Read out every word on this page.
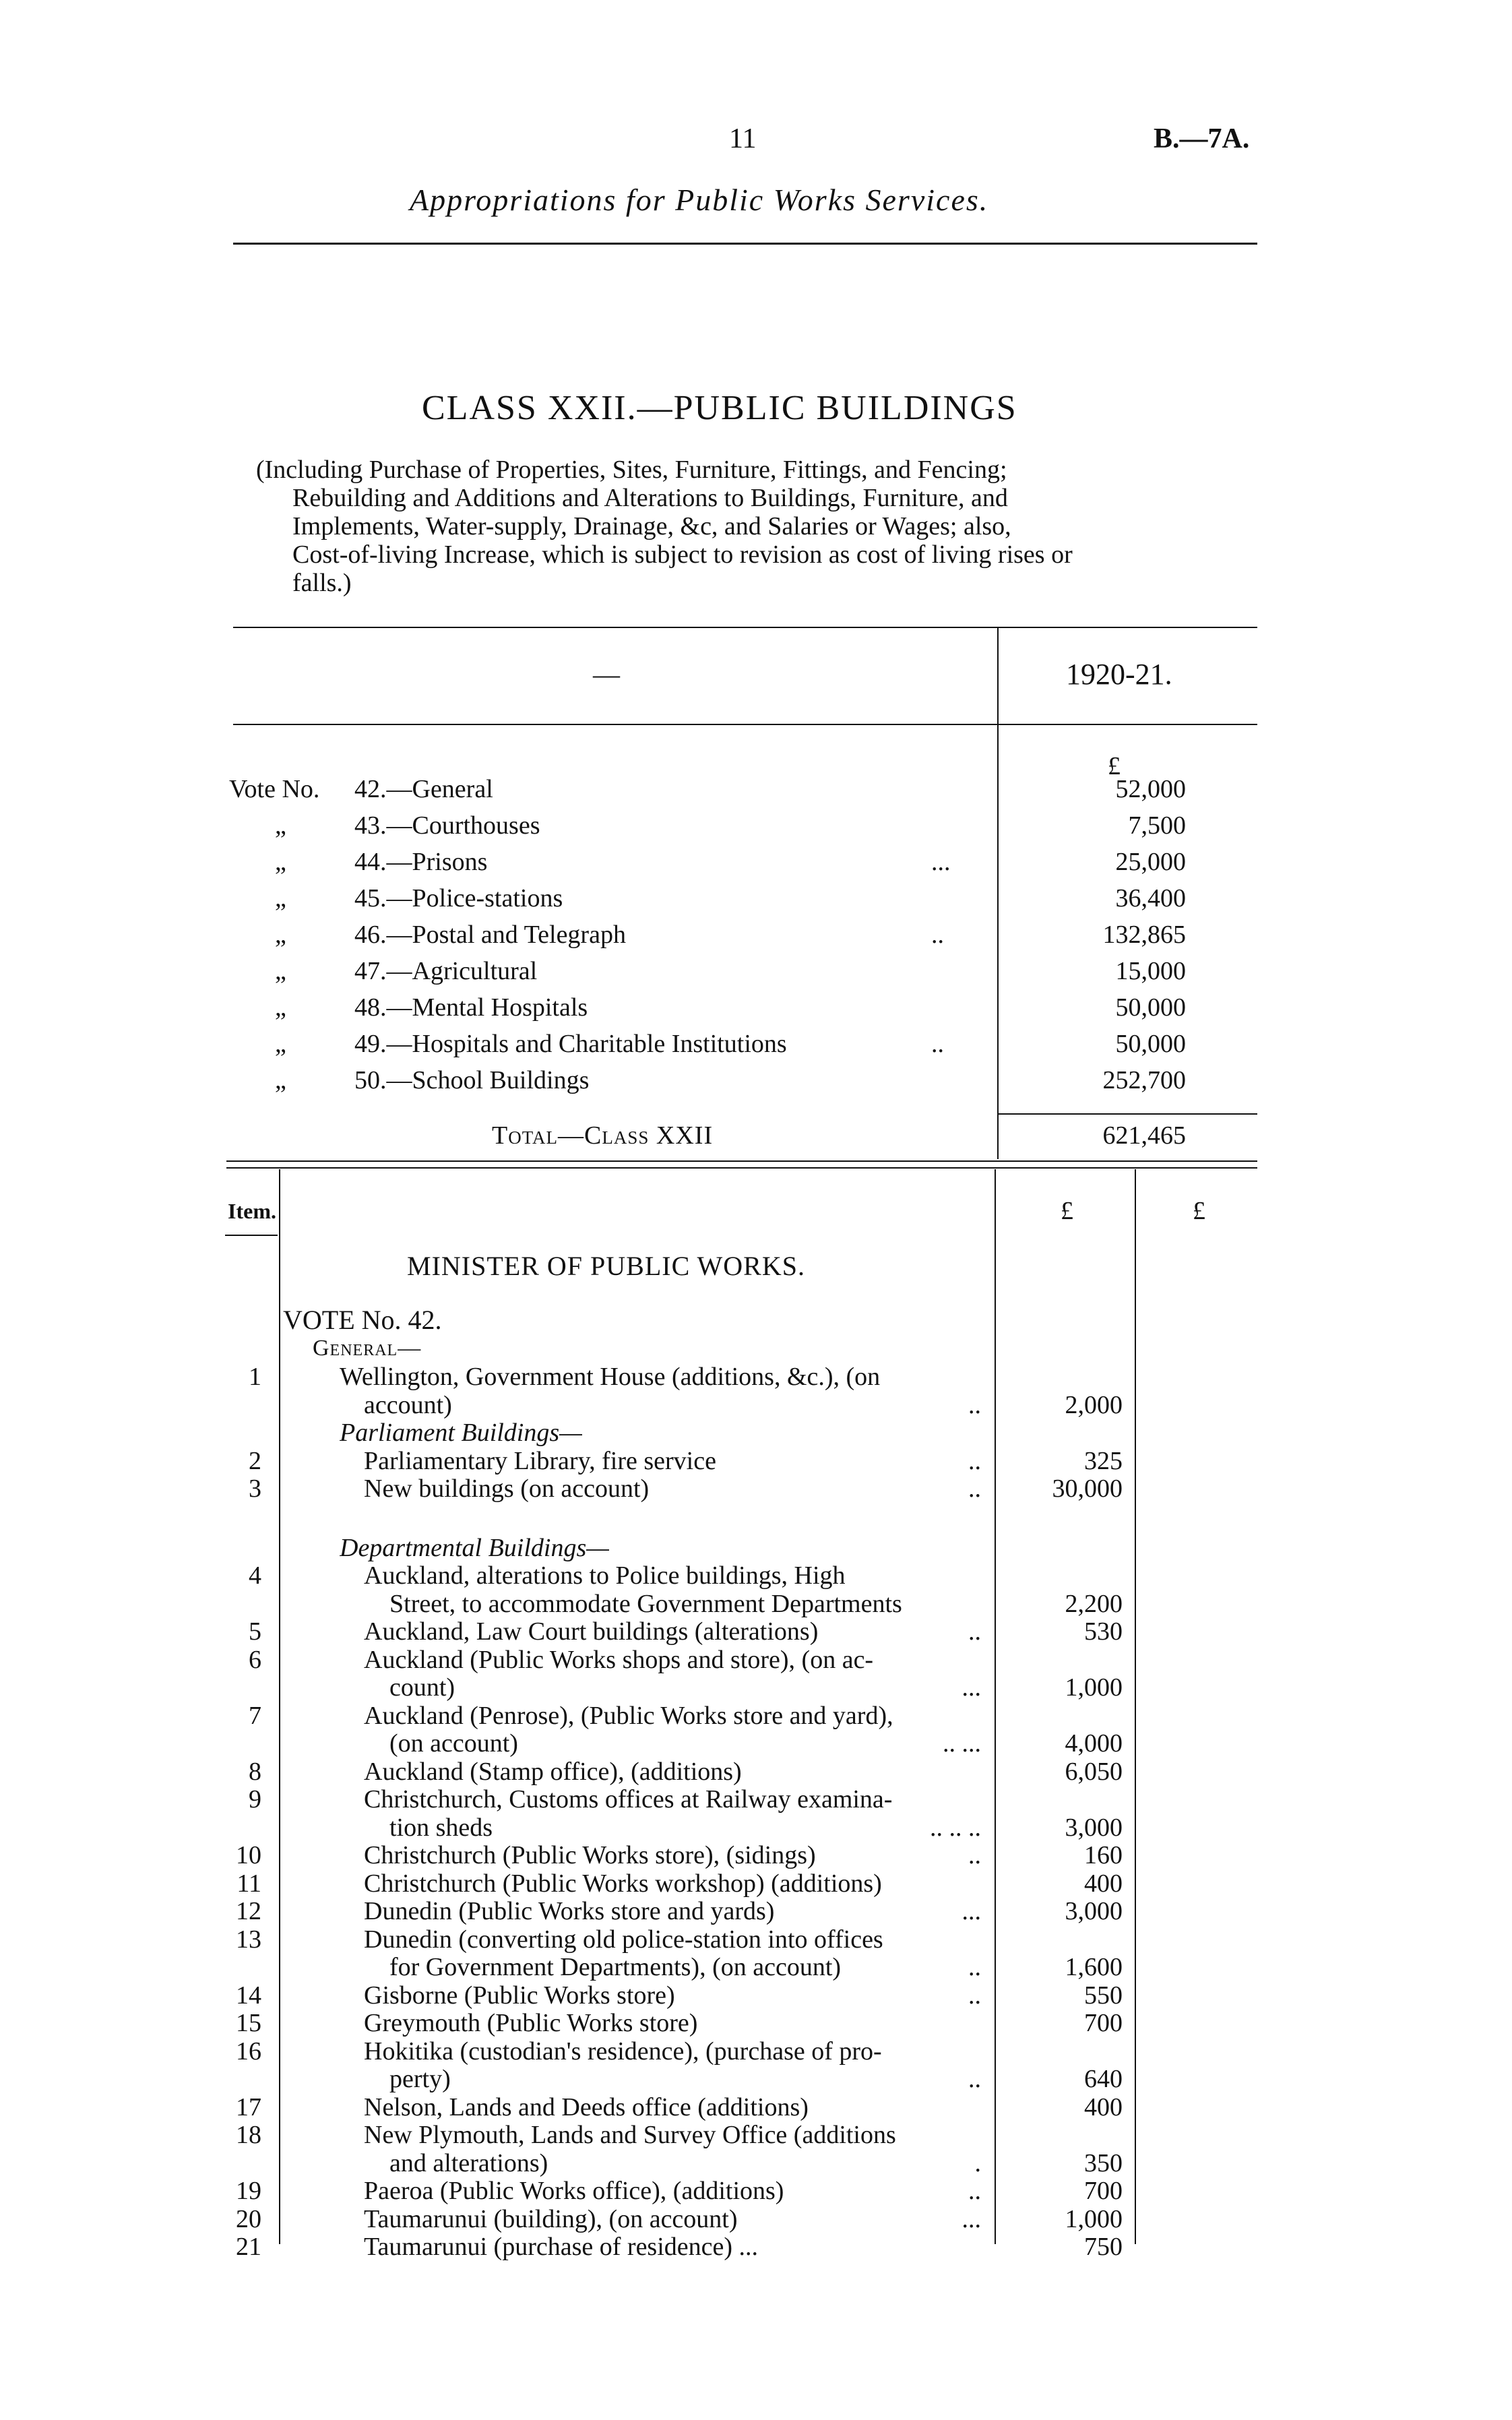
11	B.—7A.
Appropriations for Public Works Services.
CLASS XXII.—PUBLIC BUILDINGS
(Including Purchase of Properties, Sites, Furniture, Fittings, and Fencing;
Rebuilding and Additions and Alterations to Buildings, Furniture, and
Implements, Water-supply, Drainage, &c, and Salaries or Wages; also,
Cost-of-living Increase, which is subject to revision as cost of living rises or
falls.)
—	1920-21.
£
Vote No. 42.—General	52,000
„	43.—Courthouses	7,500
„	44.—Prisons	...	25,000
„	45.—Police-stations	36,400
„	46.—Postal and Telegraph	..	132,865
„	47.—Agricultural	15,000
„	48.—Mental Hospitals	50,000
„	49.—Hospitals and Charitable Institutions	..	50,000
„	50.—School Buildings	252,700
Total—Class XXII	621,465
Item.	£	£
MINISTER OF PUBLIC WORKS.
VOTE No. 42.
General—
1	Wellington, Government House (additions, &c.), (on
account)	..	2,000
Parliament Buildings—
2	Parliamentary Library, fire service	..	325
3	New buildings (on account)	..	30,000
Departmental Buildings—
4	Auckland, alterations to Police buildings, High
Street, to accommodate Government Departments	2,200
5	Auckland, Law Court buildings (alterations)	..	530
6	Auckland (Public Works shops and store), (on ac-
count)	...	1,000
7	Auckland (Penrose), (Public Works store and yard),
(on account)	.. ...	4,000
8	Auckland (Stamp office), (additions)	6,050
9	Christchurch, Customs offices at Railway examina-
tion sheds	.. .. ..	3,000
10	Christchurch (Public Works store), (sidings)	..	160
11	Christchurch (Public Works workshop) (additions)	400
12	Dunedin (Public Works store and yards)	...	3,000
13	Dunedin (converting old police-station into offices
for Government Departments), (on account)	..	1,600
14	Gisborne (Public Works store)	..	550
15	Greymouth (Public Works store)	700
16	Hokitika (custodian's residence), (purchase of pro-
perty)	..	640
17	Nelson, Lands and Deeds office (additions)	400
18	New Plymouth, Lands and Survey Office (additions
and alterations)	.	350
19	Paeroa (Public Works office), (additions)	..	700
20	Taumarunui (building), (on account)	...	1,000
21	Taumarunui (purchase of residence) ...	750
